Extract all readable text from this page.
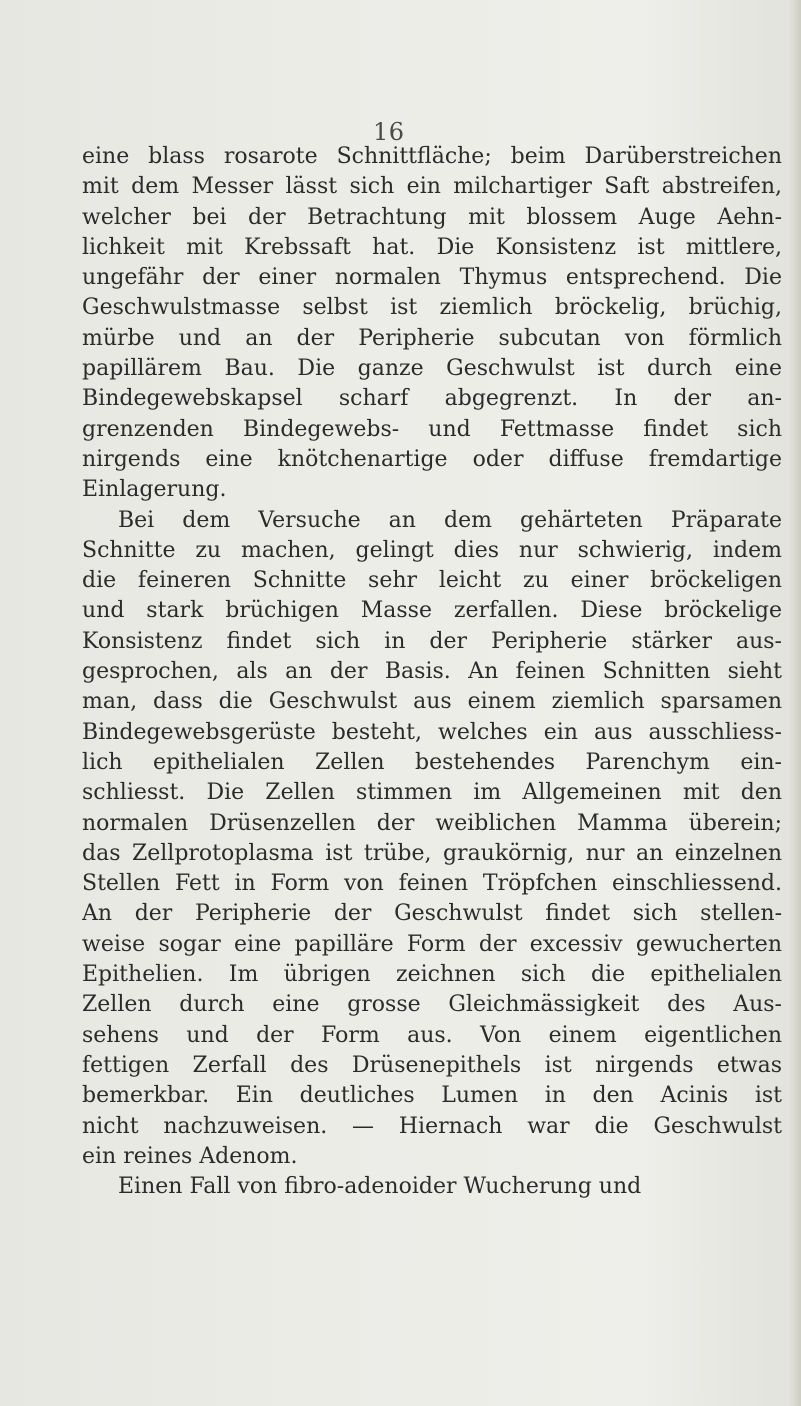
16
eine blass rosarote Schnittfläche; beim Darüberstreichen
mit dem Messer lässt sich ein milchartiger Saft abstreifen,
welcher bei der Betrachtung mit blossem Auge Aehn-
lichkeit mit Krebssaft hat. Die Konsistenz ist mittlere,
ungefähr der einer normalen Thymus entsprechend. Die
Geschwulstmasse selbst ist ziemlich bröckelig, brüchig,
mürbe und an der Peripherie subcutan von förmlich
papillärem Bau. Die ganze Geschwulst ist durch eine
Bindegewebskapsel scharf abgegrenzt. In der an-
grenzenden Bindegewebs- und Fettmasse findet sich
nirgends eine knötchenartige oder diffuse fremdartige
Einlagerung.
Bei dem Versuche an dem gehärteten Präparate
Schnitte zu machen, gelingt dies nur schwierig, indem
die feineren Schnitte sehr leicht zu einer bröckeligen
und stark brüchigen Masse zerfallen. Diese bröckelige
Konsistenz findet sich in der Peripherie stärker aus-
gesprochen, als an der Basis. An feinen Schnitten sieht
man, dass die Geschwulst aus einem ziemlich sparsamen
Bindegewebsgerüste besteht, welches ein aus ausschliess-
lich epithelialen Zellen bestehendes Parenchym ein-
schliesst. Die Zellen stimmen im Allgemeinen mit den
normalen Drüsenzellen der weiblichen Mamma überein;
das Zellprotoplasma ist trübe, graukörnig, nur an einzelnen
Stellen Fett in Form von feinen Tröpfchen einschliessend.
An der Peripherie der Geschwulst findet sich stellen-
weise sogar eine papilläre Form der excessiv gewucherten
Epithelien. Im übrigen zeichnen sich die epithelialen
Zellen durch eine grosse Gleichmässigkeit des Aus-
sehens und der Form aus. Von einem eigentlichen
fettigen Zerfall des Drüsenepithels ist nirgends etwas
bemerkbar. Ein deutliches Lumen in den Acinis ist
nicht nachzuweisen. — Hiernach war die Geschwulst
ein reines Adenom.
Einen Fall von fibro-adenoider Wucherung und
